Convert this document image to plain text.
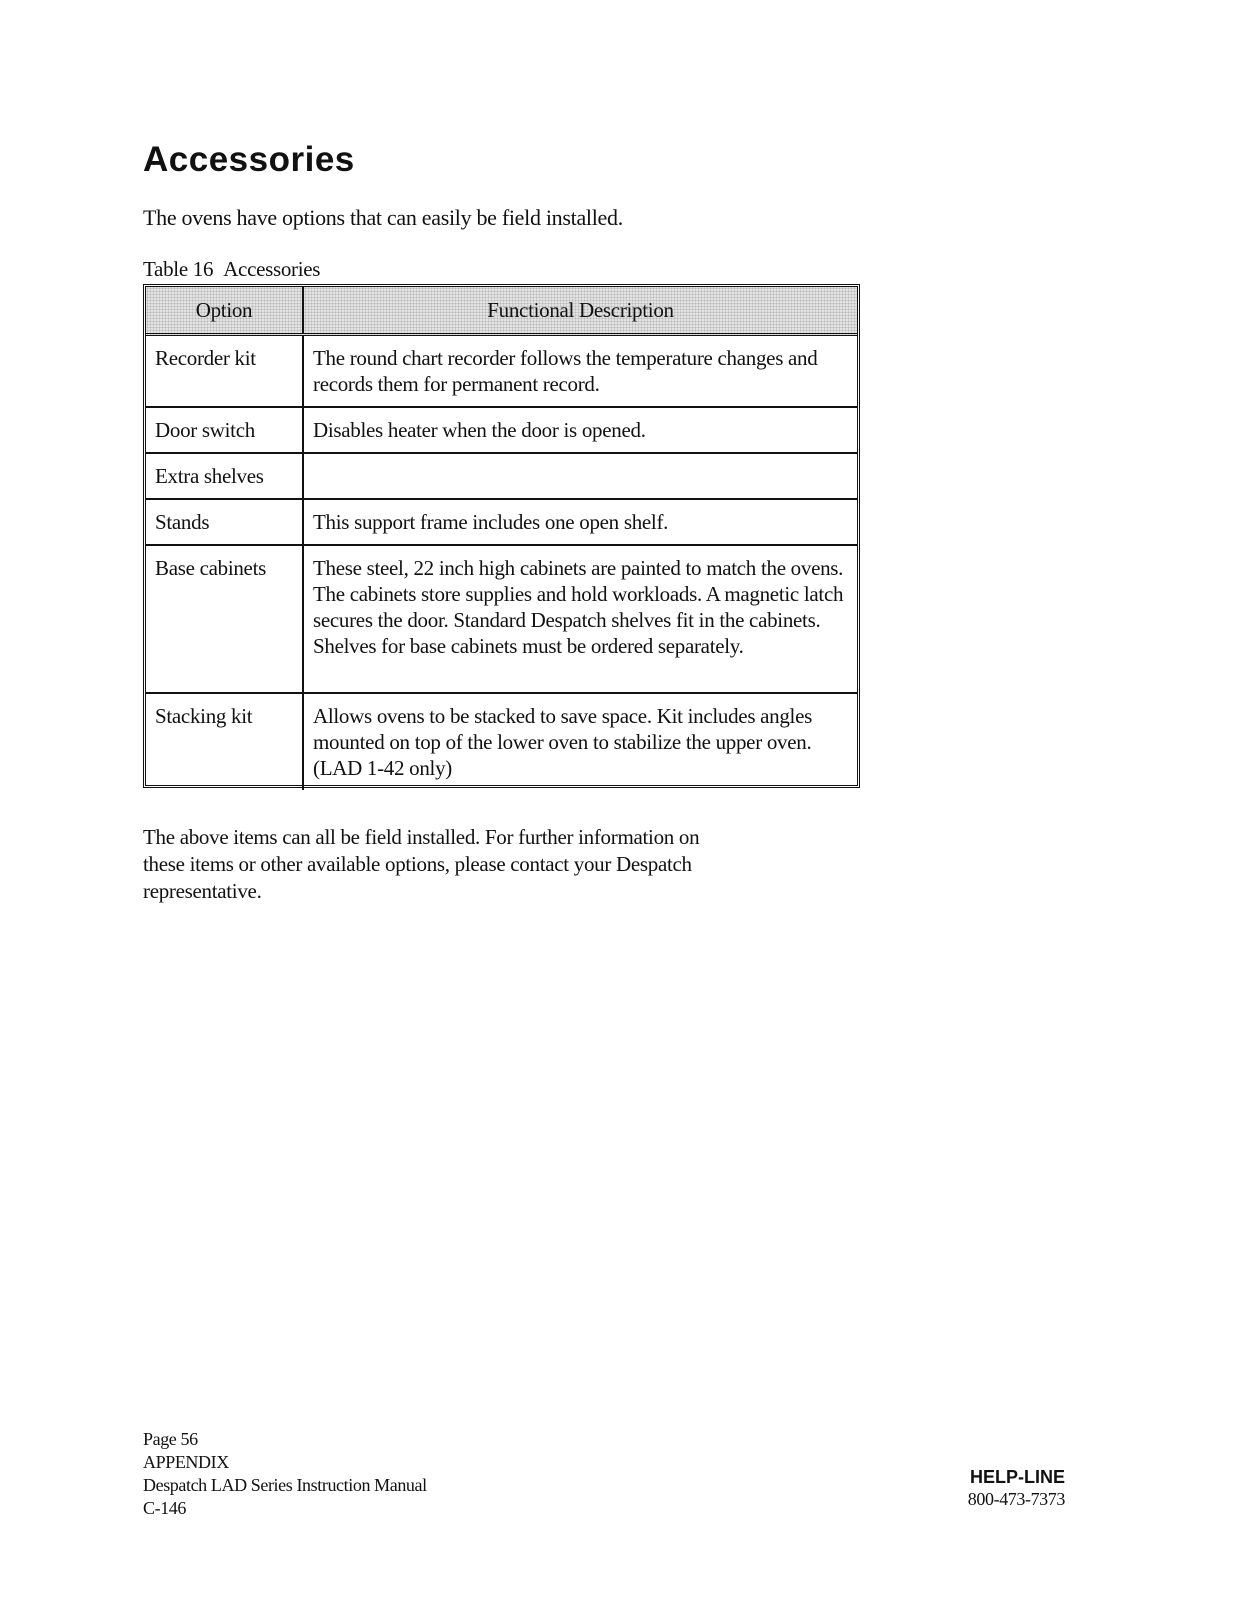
Accessories

The ovens have options that can easily be field installed.

Table 16 Accessories

Option	Functional Description
Recorder kit	The round chart recorder follows the temperature changes and records them for permanent record.
Door switch	Disables heater when the door is opened.
Extra shelves	
Stands	This support frame includes one open shelf.
Base cabinets	These steel, 22 inch high cabinets are painted to match the ovens. The cabinets store supplies and hold workloads. A magnetic latch secures the door. Standard Despatch shelves fit in the cabinets. Shelves for base cabinets must be ordered separately.
Stacking kit	Allows ovens to be stacked to save space. Kit includes angles mounted on top of the lower oven to stabilize the upper oven. (LAD 1-42 only)

The above items can all be field installed. For further information on these items or other available options, please contact your Despatch representative.

Page 56
APPENDIX
Despatch LAD Series Instruction Manual
C-146
HELP-LINE
800-473-7373
